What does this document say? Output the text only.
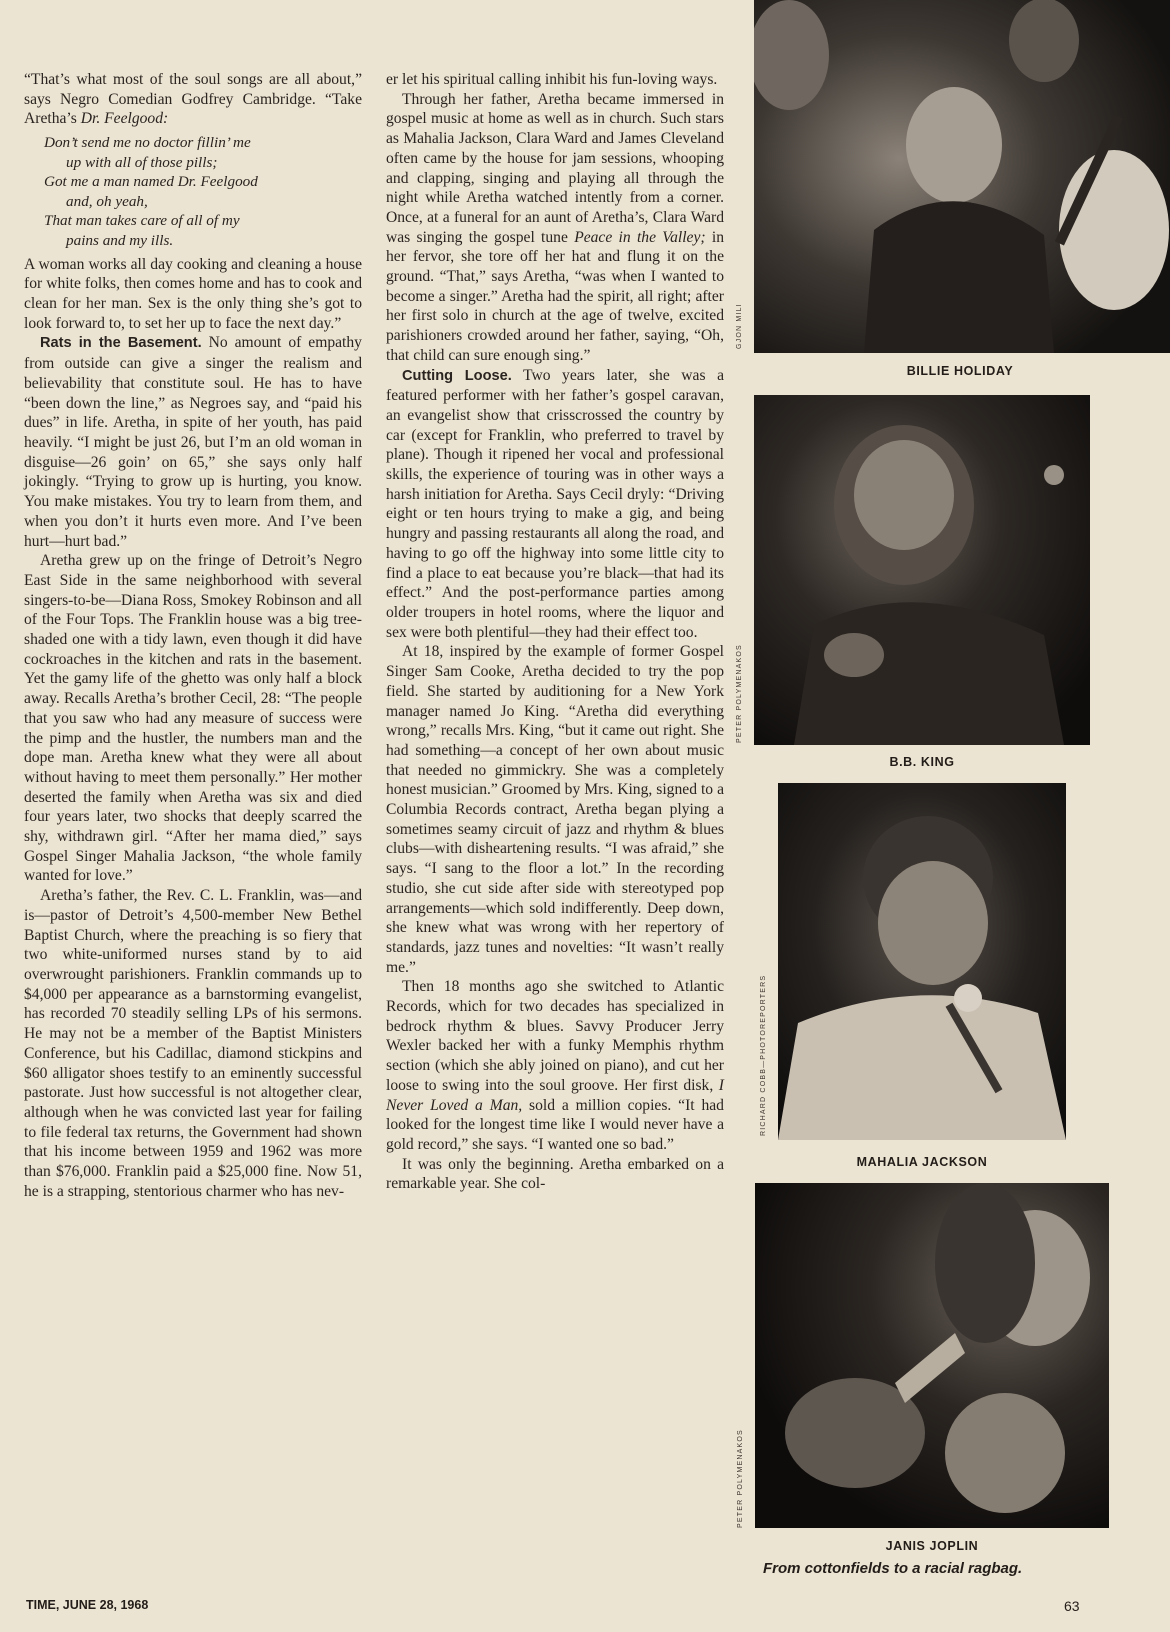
“That’s what most of the soul songs are all about,” says Negro Comedian Godfrey Cambridge. “Take Aretha’s Dr. Feelgood:

Don’t send me no doctor fillin’ me
up with all of those pills;
Got me a man named Dr. Feelgood
and, oh yeah,
That man takes care of all of my
pains and my ills.

A woman works all day cooking and cleaning a house for white folks, then comes home and has to cook and clean for her man. Sex is the only thing she’s got to look forward to, to set her up to face the next day.”

Rats in the Basement. No amount of empathy from outside can give a singer the realism and believability that constitute soul. He has to have “been down the line,” as Negroes say, and “paid his dues” in life. Aretha, in spite of her youth, has paid heavily. “I might be just 26, but I’m an old woman in disguise—26 goin’ on 65,” she says only half jokingly. “Trying to grow up is hurting, you know. You make mistakes. You try to learn from them, and when you don’t it hurts even more. And I’ve been hurt—hurt bad.”

Aretha grew up on the fringe of Detroit’s Negro East Side in the same neighborhood with several singers-to-be—Diana Ross, Smokey Robinson and all of the Four Tops. The Franklin house was a big tree-shaded one with a tidy lawn, even though it did have cockroaches in the kitchen and rats in the basement. Yet the gamy life of the ghetto was only half a block away. Recalls Aretha’s brother Cecil, 28: “The people that you saw who had any measure of success were the pimp and the hustler, the numbers man and the dope man. Aretha knew what they were all about without having to meet them personally.” Her mother deserted the family when Aretha was six and died four years later, two shocks that deeply scarred the shy, withdrawn girl. “After her mama died,” says Gospel Singer Mahalia Jackson, “the whole family wanted for love.”

Aretha’s father, the Rev. C. L. Franklin, was—and is—pastor of Detroit’s 4,500-member New Bethel Baptist Church, where the preaching is so fiery that two white-uniformed nurses stand by to aid overwrought parishioners. Franklin commands up to $4,000 per appearance as a barnstorming evangelist, has recorded 70 steadily selling LPs of his sermons. He may not be a member of the Baptist Ministers Conference, but his Cadillac, diamond stickpins and $60 alligator shoes testify to an eminently successful pastorate. Just how successful is not altogether clear, although when he was convicted last year for failing to file federal tax returns, the Government had shown that his income between 1959 and 1962 was more than $76,000. Franklin paid a $25,000 fine. Now 51, he is a strapping, stentorious charmer who has nev-

er let his spiritual calling inhibit his fun-loving ways.

Through her father, Aretha became immersed in gospel music at home as well as in church. Such stars as Mahalia Jackson, Clara Ward and James Cleveland often came by the house for jam sessions, whooping and clapping, singing and playing all through the night while Aretha watched intently from a corner. Once, at a funeral for an aunt of Aretha’s, Clara Ward was singing the gospel tune Peace in the Valley; in her fervor, she tore off her hat and flung it on the ground. “That,” says Aretha, “was when I wanted to become a singer.” Aretha had the spirit, all right; after her first solo in church at the age of twelve, excited parishioners crowded around her father, saying, “Oh, that child can sure enough sing.”

Cutting Loose. Two years later, she was a featured performer with her father’s gospel caravan, an evangelist show that crisscrossed the country by car (except for Franklin, who preferred to travel by plane). Though it ripened her vocal and professional skills, the experience of touring was in other ways a harsh initiation for Aretha. Says Cecil dryly: “Driving eight or ten hours trying to make a gig, and being hungry and passing restaurants all along the road, and having to go off the highway into some little city to find a place to eat because you’re black—that had its effect.” And the post-performance parties among older troupers in hotel rooms, where the liquor and sex were both plentiful—they had their effect too.

At 18, inspired by the example of former Gospel Singer Sam Cooke, Aretha decided to try the pop field. She started by auditioning for a New York manager named Jo King. “Aretha did everything wrong,” recalls Mrs. King, “but it came out right. She had something—a concept of her own about music that needed no gimmickry. She was a completely honest musician.” Groomed by Mrs. King, signed to a Columbia Records contract, Aretha began plying a sometimes seamy circuit of jazz and rhythm & blues clubs—with disheartening results. “I was afraid,” she says. “I sang to the floor a lot.” In the recording studio, she cut side after side with stereotyped pop arrangements—which sold indifferently. Deep down, she knew what was wrong with her repertory of standards, jazz tunes and novelties: “It wasn’t really me.”

Then 18 months ago she switched to Atlantic Records, which for two decades has specialized in bedrock rhythm & blues. Savvy Producer Jerry Wexler backed her with a funky Memphis rhythm section (which she ably joined on piano), and cut her loose to swing into the soul groove. Her first disk, I Never Loved a Man, sold a million copies. “It had looked for the longest time like I would never have a gold record,” she says. “I wanted one so bad.”

It was only the beginning. Aretha embarked on a remarkable year. She col-

GJON MILI
BILLIE HOLIDAY
PETER POLYMENAKOS
B.B. KING
RICHARD COBB—PHOTOREPORTERS
MAHALIA JACKSON
PETER POLYMENAKOS
JANIS JOPLIN
From cottonfields to a racial ragbag.
TIME, JUNE 28, 1968	63
